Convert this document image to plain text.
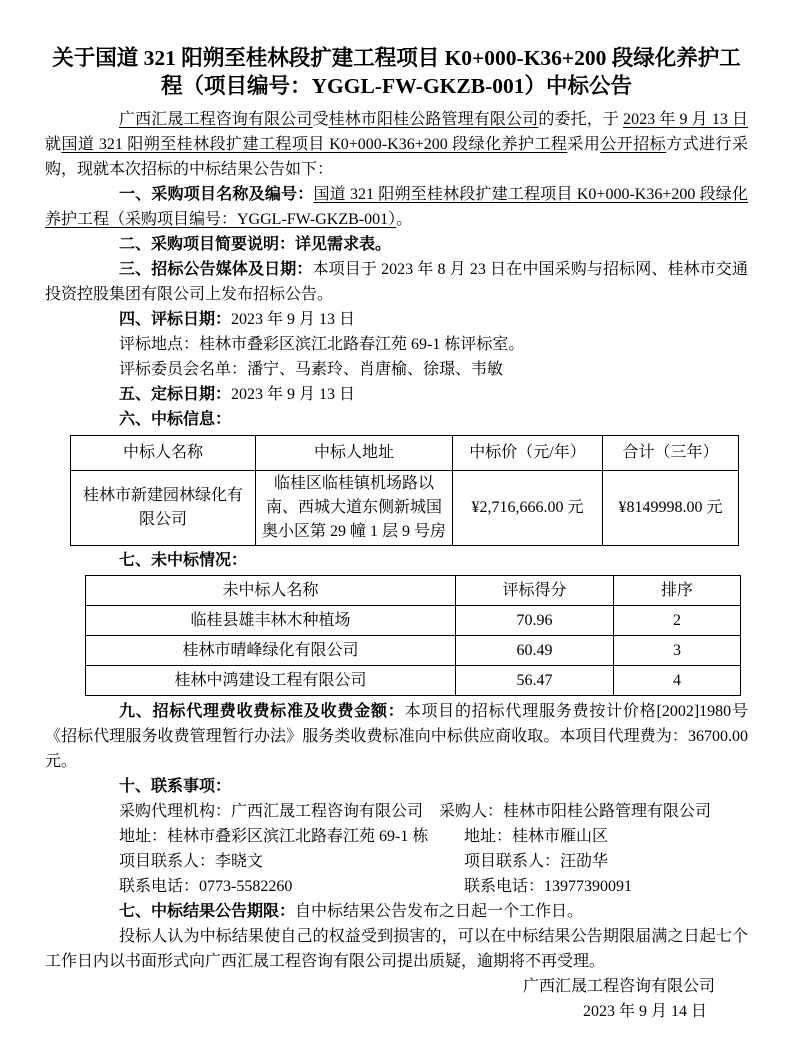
关于国道 321 阳朔至桂林段扩建工程项目 K0+000-K36+200 段绿化养护工程（项目编号：YGGL-FW-GKZB-001）中标公告

广西汇晟工程咨询有限公司受桂林市阳桂公路管理有限公司的委托，于 2023 年 9 月 13 日就国道 321 阳朔至桂林段扩建工程项目 K0+000-K36+200 段绿化养护工程采用公开招标方式进行采购，现就本次招标的中标结果公告如下：

一、采购项目名称及编号：国道 321 阳朔至桂林段扩建工程项目 K0+000-K36+200 段绿化养护工程（采购项目编号：YGGL-FW-GKZB-001）。

二、采购项目简要说明：详见需求表。

三、招标公告媒体及日期：本项目于 2023 年 8 月 23 日在中国采购与招标网、桂林市交通投资控股集团有限公司上发布招标公告。

四、评标日期：2023 年 9 月 13 日

评标地点：桂林市叠彩区滨江北路春江苑 69-1 栋评标室。

评标委员会名单：潘宁、马素玲、肖唐榆、徐璟、韦敏

五、定标日期：2023 年 9 月 13 日

六、中标信息：

中标人名称	中标人地址	中标价（元/年）	合计（三年）
桂林市新建园林绿化有限公司	临桂区临桂镇机场路以南、西城大道东侧新城国奥小区第 29 幢 1 层 9 号房	¥2,716,666.00 元	¥8149998.00 元

七、未中标情况：

未中标人名称	评标得分	排序
临桂县雄丰林木种植场	70.96	2
桂林市晴峰绿化有限公司	60.49	3
桂林中鸿建设工程有限公司	56.47	4

九、招标代理费收费标准及收费金额：本项目的招标代理服务费按计价格[2002]1980号《招标代理服务收费管理暂行办法》服务类收费标准向中标供应商收取。本项目代理费为：36700.00 元。

十、联系事项：

采购代理机构：广西汇晟工程咨询有限公司 采购人：桂林市阳桂公路管理有限公司
地址：桂林市叠彩区滨江北路春江苑 69-1 栋	地址：桂林市雁山区
项目联系人：李晓文	项目联系人：汪劭华
联系电话：0773-5582260	联系电话：13977390091

七、中标结果公告期限：自中标结果公告发布之日起一个工作日。

投标人认为中标结果使自己的权益受到损害的，可以在中标结果公告期限届满之日起七个工作日内以书面形式向广西汇晟工程咨询有限公司提出质疑，逾期将不再受理。

广西汇晟工程咨询有限公司

2023 年 9 月 14 日
